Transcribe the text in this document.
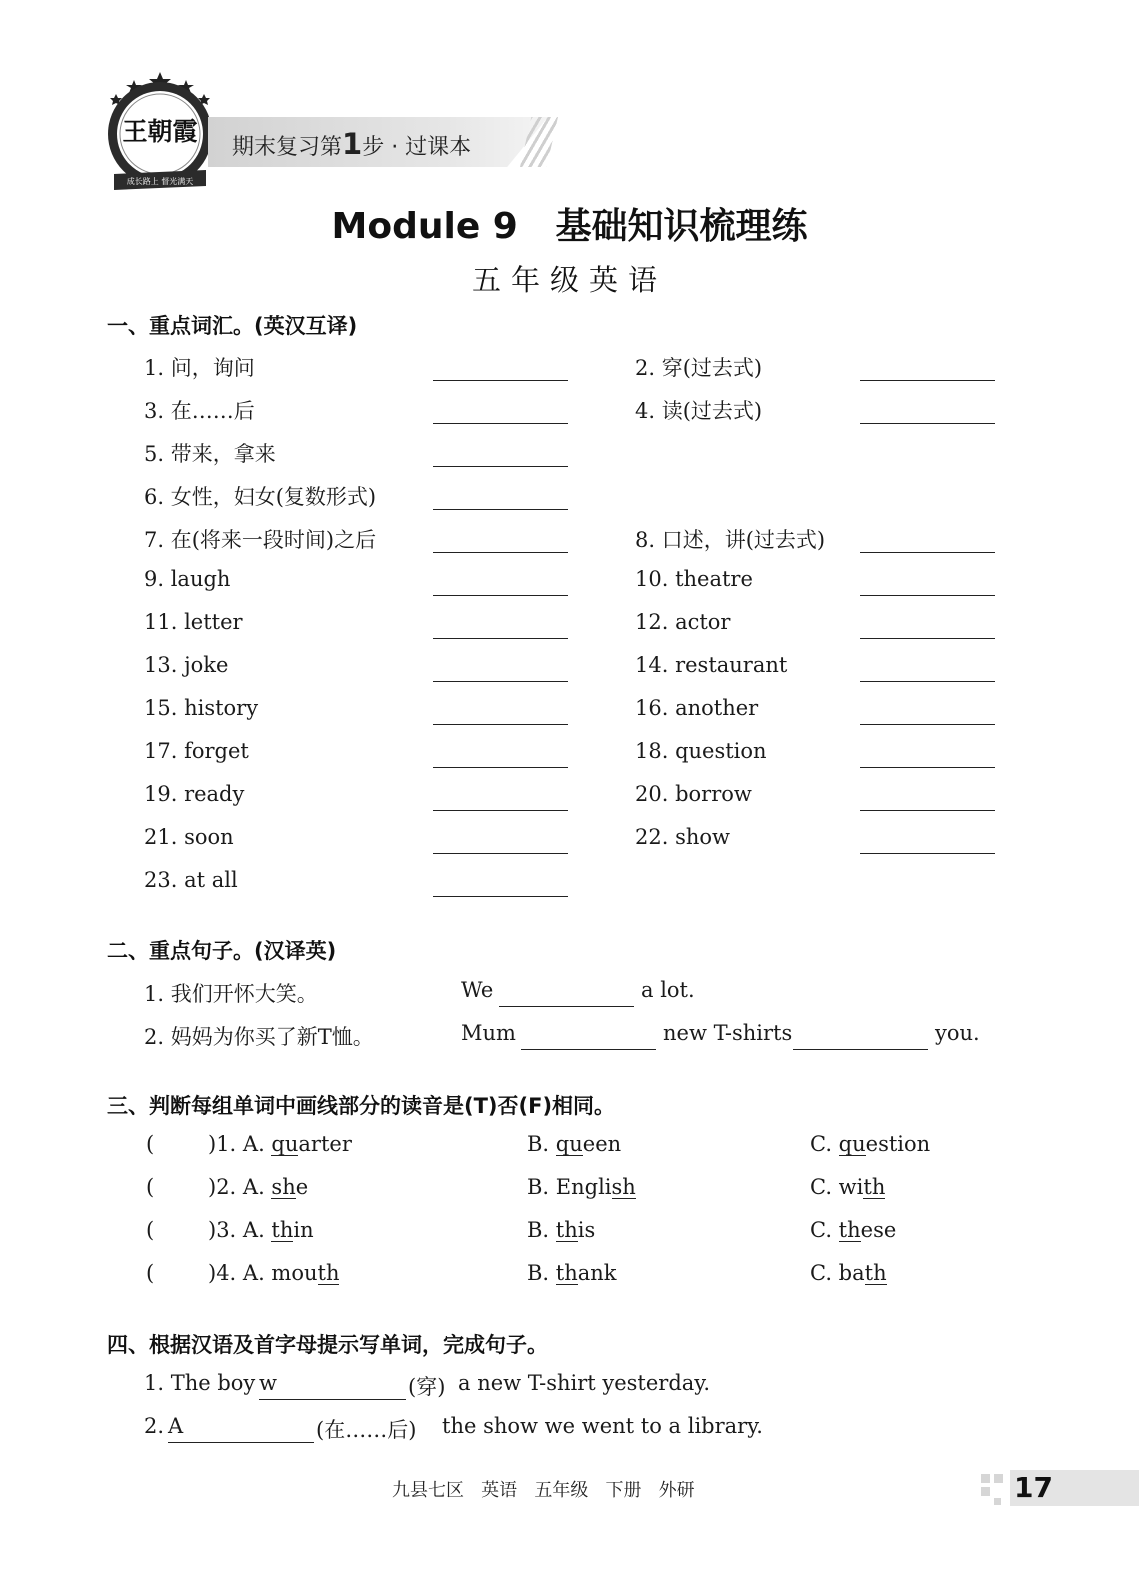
王朝霞
成长路上 督光满天
期末复习第1步 · 过课本
Module 9   基础知识梳理练
五年级英语
一、重点词汇。(英汉互译)
1. 问，询问	2. 穿(过去式)
3. 在……后	4. 读(过去式)
5. 带来，拿来
6. 女性，妇女(复数形式)
7. 在(将来一段时间)之后	8. 口述，讲(过去式)
9. laugh	10. theatre
11. letter	12. actor
13. joke	14. restaurant
15. history	16. another
17. forget	18. question
19. ready	20. borrow
21. soon	22. show
23. at all
二、重点句子。(汉译英)
1. 我们开怀大笑。	We	a lot.
2. 妈妈为你买了新T恤。	Mum	new T-shirts	you.
三、判断每组单词中画线部分的读音是(T)否(F)相同。
(	)1. A. quarter	B. queen	C. question
(	)2. A. she	B. English	C. with
(	)3. A. thin	B. this	C. these
(	)4. A. mouth	B. thank	C. bath
四、根据汉语及首字母提示写单词，完成句子。
1. The boy w	(穿) a new T-shirt yesterday.
2. A	(在……后) the show we went to a library.
九县七区   英语   五年级   下册   外研	17
